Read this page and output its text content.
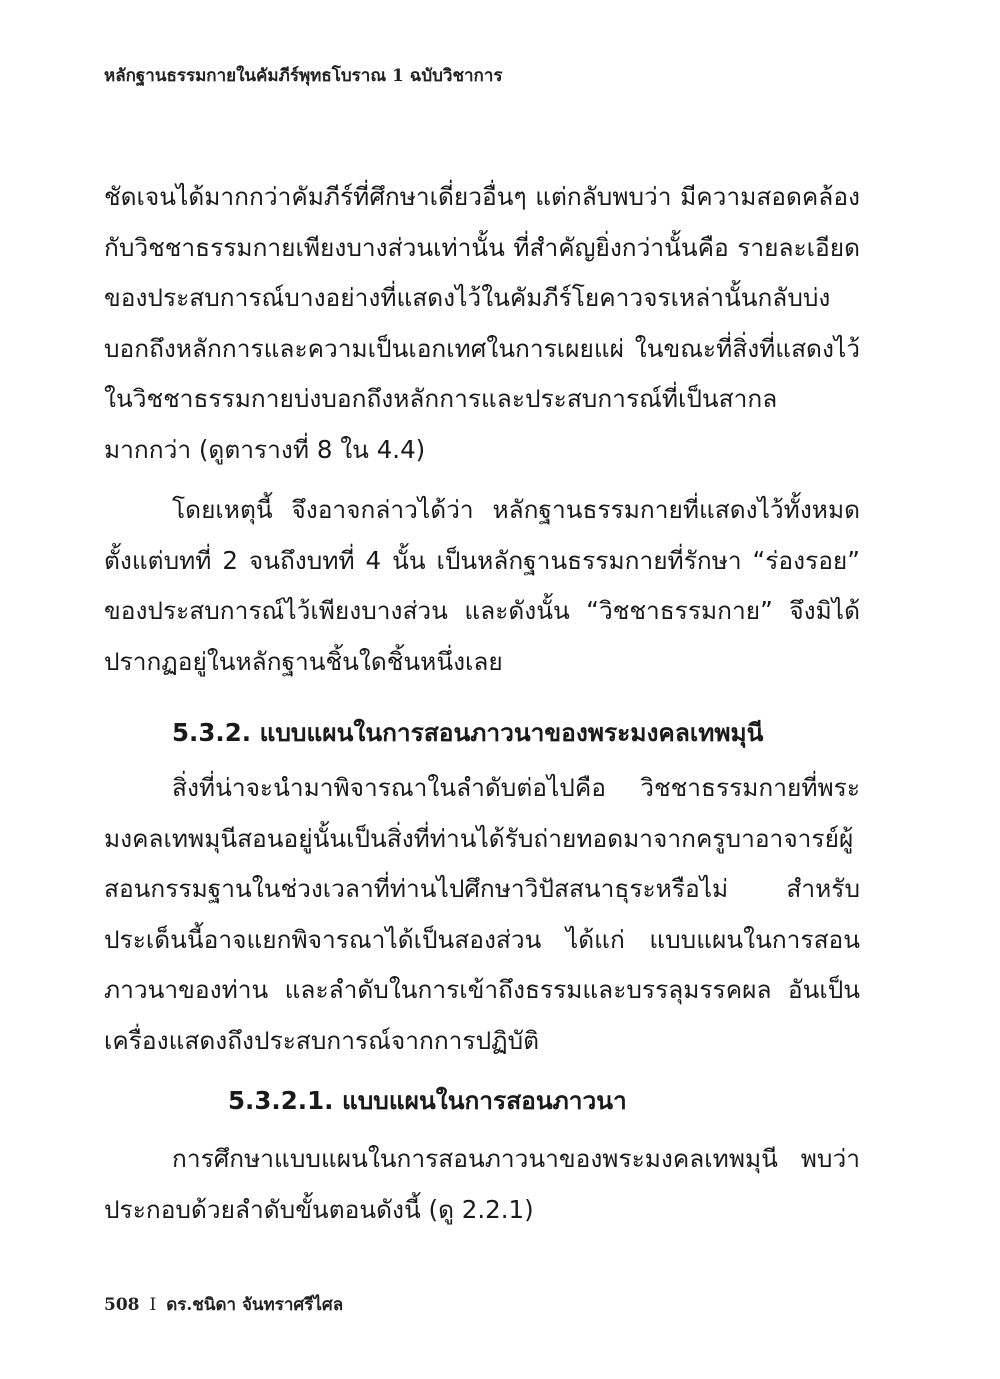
หลักฐานธรรมกายในคัมภีร์พุทธโบราณ 1 ฉบับวิชาการ

ชัดเจนได้มากกว่าคัมภีร์ที่ศึกษาเดี่ยวอื่นๆ แต่กลับพบว่า มีความสอดคล้องกับวิชชาธรรมกายเพียงบางส่วนเท่านั้น ที่สำคัญยิ่งกว่านั้นคือ รายละเอียดของประสบการณ์บางอย่างที่แสดงไว้ในคัมภีร์โยคาวจรเหล่านั้นกลับบ่งบอกถึงหลักการและความเป็นเอกเทศในการเผยแผ่ ในขณะที่สิ่งที่แสดงไว้ในวิชชาธรรมกายบ่งบอกถึงหลักการและประสบการณ์ที่เป็นสากลมากกว่า (ดูตารางที่ 8 ใน 4.4)

โดยเหตุนี้ จึงอาจกล่าวได้ว่า หลักฐานธรรมกายที่แสดงไว้ทั้งหมด ตั้งแต่บทที่ 2 จนถึงบทที่ 4 นั้น เป็นหลักฐานธรรมกายที่รักษา “ร่องรอย” ของประสบการณ์ไว้เพียงบางส่วน และดังนั้น “วิชชาธรรมกาย” จึงมิได้ปรากฏอยู่ในหลักฐานชิ้นใดชิ้นหนึ่งเลย

5.3.2. แบบแผนในการสอนภาวนาของพระมงคลเทพมุนี

สิ่งที่น่าจะนำมาพิจารณาในลำดับต่อไปคือ วิชชาธรรมกายที่พระมงคลเทพมุนีสอนอยู่นั้นเป็นสิ่งที่ท่านได้รับถ่ายทอดมาจากครูบาอาจารย์ผู้สอนกรรมฐานในช่วงเวลาที่ท่านไปศึกษาวิปัสสนาธุระหรือไม่ สำหรับประเด็นนี้อาจแยกพิจารณาได้เป็นสองส่วน ได้แก่ แบบแผนในการสอนภาวนาของท่าน และลำดับในการเข้าถึงธรรมและบรรลุมรรคผล อันเป็นเครื่องแสดงถึงประสบการณ์จากการปฏิบัติ

5.3.2.1. แบบแผนในการสอนภาวนา

การศึกษาแบบแผนในการสอนภาวนาของพระมงคลเทพมุนี พบว่าประกอบด้วยลำดับขั้นตอนดังนี้ (ดู 2.2.1)

508 I ดร.ชนิดา จันทราศรีไศล
